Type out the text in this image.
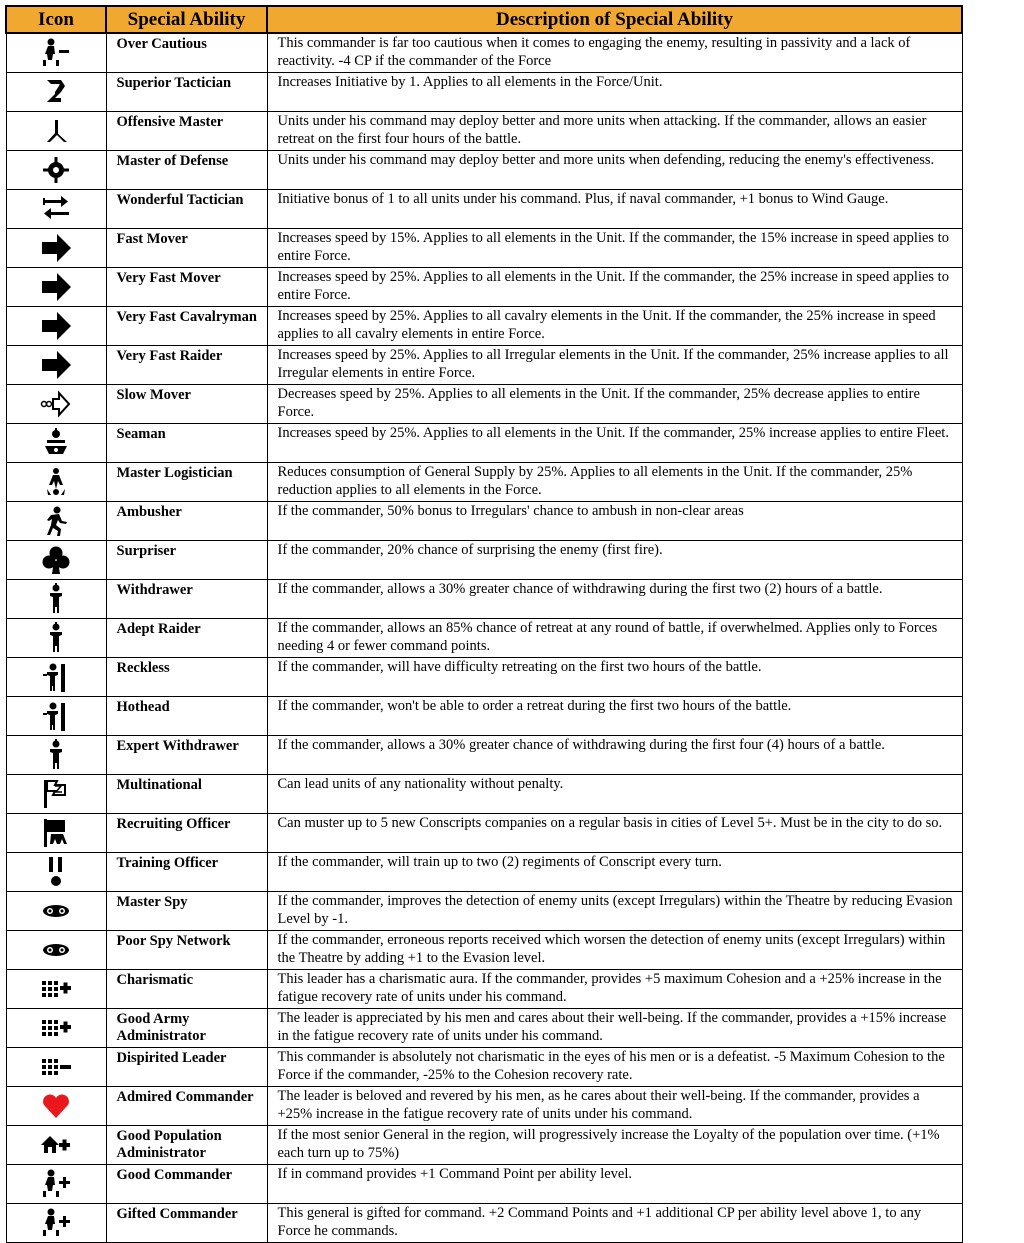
Icon	Special Ability	Description of Special Ability

	Over Cautious	This commander is far too cautious when it comes to engaging the enemy, resulting in passivity and a lack of reactivity. -4 CP if the commander of the Force

	Superior Tactician	Increases Initiative by 1. Applies to all elements in the Force/Unit.

	Offensive Master	Units under his command may deploy better and more units when attacking. If the commander, allows an easier retreat on the first four hours of the battle.

	Master of Defense	Units under his command may deploy better and more units when defending, reducing the enemy's effectiveness.

	Wonderful Tactician	Initiative bonus of 1 to all units under his command. Plus, if naval commander, +1 bonus to Wind Gauge.

	Fast Mover	Increases speed by 15%. Applies to all elements in the Unit. If the commander, the 15% increase in speed applies to entire Force.

	Very Fast Mover	Increases speed by 25%. Applies to all elements in the Unit. If the commander, the 25% increase in speed applies to entire Force.

	Very Fast Cavalryman	Increases speed by 25%. Applies to all cavalry elements in the Unit. If the commander, the 25% increase in speed applies to all cavalry elements in entire Force.

	Very Fast Raider	Increases speed by 25%. Applies to all Irregular elements in the Unit. If the commander, 25% increase applies to all Irregular elements in entire Force.

	Slow Mover	Decreases speed by 25%. Applies to all elements in the Unit. If the commander, 25% decrease applies to entire Force.

	Seaman	Increases speed by 25%. Applies to all elements in the Unit. If the commander, 25% increase applies to entire Fleet.

	Master Logistician	Reduces consumption of General Supply by 25%. Applies to all elements in the Unit. If the commander, 25% reduction applies to all elements in the Force.

	Ambusher	If the commander, 50% bonus to Irregulars' chance to ambush in non-clear areas

	Surpriser	If the commander, 20% chance of surprising the enemy (first fire).

	Withdrawer	If the commander, allows a 30% greater chance of withdrawing during the first two (2) hours of a battle.

	Adept Raider	If the commander, allows an 85% chance of retreat at any round of battle, if overwhelmed. Applies only to Forces needing 4 or fewer command points.

	Reckless	If the commander, will have difficulty retreating on the first two hours of the battle.

	Hothead	If the commander, won't be able to order a retreat during the first two hours of the battle.

	Expert Withdrawer	If the commander, allows a 30% greater chance of withdrawing during the first four (4) hours of a battle.

	Multinational	Can lead units of any nationality without penalty.

	Recruiting Officer	Can muster up to 5 new Conscripts companies on a regular basis in cities of Level 5+. Must be in the city to do so.

	Training Officer	If the commander, will train up to two (2) regiments of Conscript every turn.

	Master Spy	If the commander, improves the detection of enemy units (except Irregulars) within the Theatre by reducing Evasion Level by -1.

	Poor Spy Network	If the commander, erroneous reports received which worsen the detection of enemy units (except Irregulars) within the Theatre by adding +1 to the Evasion level.

	Charismatic	This leader has a charismatic aura. If the commander, provides +5 maximum Cohesion and a +25% increase in the fatigue recovery rate of units under his command.

	Good Army Administrator	The leader is appreciated by his men and cares about their well-being. If the commander, provides a +15% increase in the fatigue recovery rate of units under his command.

	Dispirited Leader	This commander is absolutely not charismatic in the eyes of his men or is a defeatist. -5 Maximum Cohesion to the Force if the commander, -25% to the Cohesion recovery rate.

	Admired Commander	The leader is beloved and revered by his men, as he cares about their well-being. If the commander, provides a +25% increase in the fatigue recovery rate of units under his command.

	Good Population Administrator	If the most senior General in the region, will progressively increase the Loyalty of the population over time. (+1% each turn up to 75%)

	Good Commander	If in command provides +1 Command Point per ability level.

	Gifted Commander	This general is gifted for command. +2 Command Points and +1 additional CP per ability level above 1, to any Force he commands.
